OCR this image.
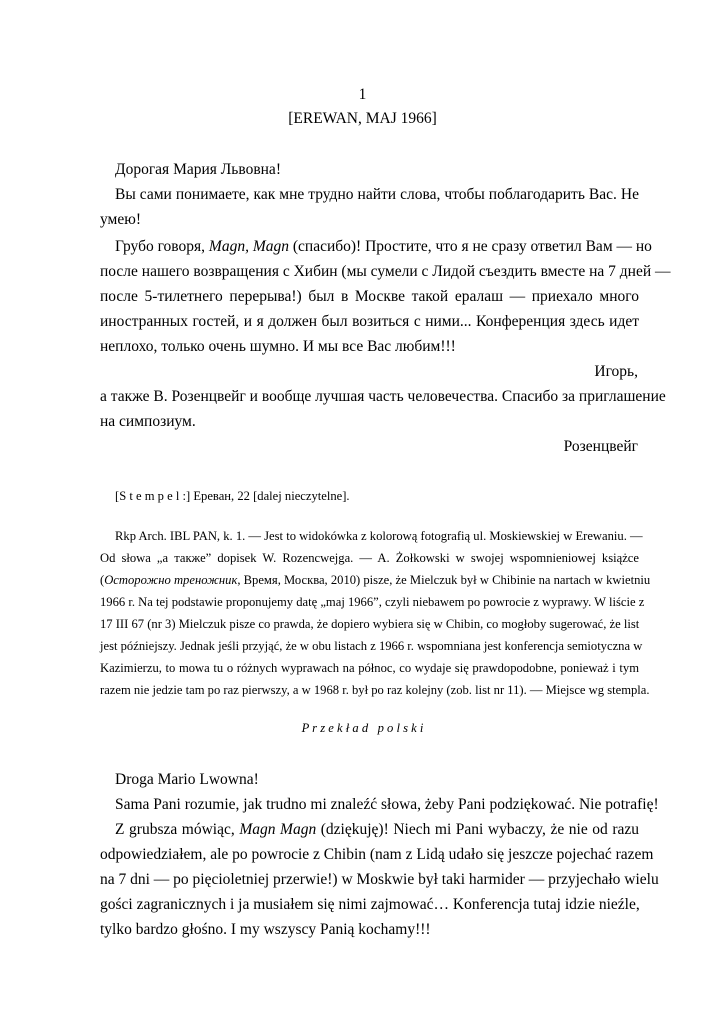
1

[EREWAN, MAJ 1966]

Дорогая Мария Львовна!

Вы сами понимаете, как мне трудно найти слова, чтобы поблагодарить Вас. Не

умею!

Грубо говоря, Magn, Magn (спасибо)! Простите, что я не сразу ответил Вам — но

после нашего возвращения с Хибин (мы сумели с Лидой съездить вместе на 7 дней —

после 5-тилетнего перерыва!) был в Москве такой ералаш — приехало много

иностранных гостей, и я должен был возиться с ними... Конференция здесь идет

неплохо, только очень шумно. И мы все Вас любим!!!

Игорь,

а также В. Розенцвейг и вообще лучшая часть человечества. Спасибо за приглашение

на симпозиум.

Розенцвейг

[S t e m p e l :] Ереван, 22 [dalej nieczytelne].

Rkp Arch. IBL PAN, k. 1. — Jest to widokówka z kolorową fotografią ul. Moskiewskiej w Erewaniu. —

Od słowa „а также” dopisek W. Rozencwejga. — A. Żołkowski w swojej wspomnieniowej książce

(Осторожно треножник, Время, Москва, 2010) pisze, że Mielczuk był w Chibinie na nartach w kwietniu

1966 r. Na tej podstawie proponujemy datę „maj 1966”, czyli niebawem po powrocie z wyprawy. W liście z

17 III 67 (nr 3) Mielczuk pisze co prawda, że dopiero wybiera się w Chibin, co mogłoby sugerować, że list

jest późniejszy. Jednak jeśli przyjąć, że w obu listach z 1966 r. wspomniana jest konferencja semiotyczna w

Kazimierzu, to mowa tu o różnych wyprawach na północ, co wydaje się prawdopodobne, ponieważ i tym

razem nie jedzie tam po raz pierwszy, a w 1968 r. był po raz kolejny (zob. list nr 11). — Miejsce wg stempla.

P r z e k ł a d   p o l s k i

Droga Mario Lwowna!

Sama Pani rozumie, jak trudno mi znaleźć słowa, żeby Pani podziękować. Nie potrafię!

Z grubsza mówiąc, Magn Magn (dziękuję)! Niech mi Pani wybaczy, że nie od razu

odpowiedziałem, ale po powrocie z Chibin (nam z Lidą udało się jeszcze pojechać razem

na 7 dni — po pięcioletniej przerwie!) w Moskwie był taki harmider — przyjechało wielu

gości zagranicznych i ja musiałem się nimi zajmować… Konferencja tutaj idzie nieźle,

tylko bardzo głośno. I my wszyscy Panią kochamy!!!
